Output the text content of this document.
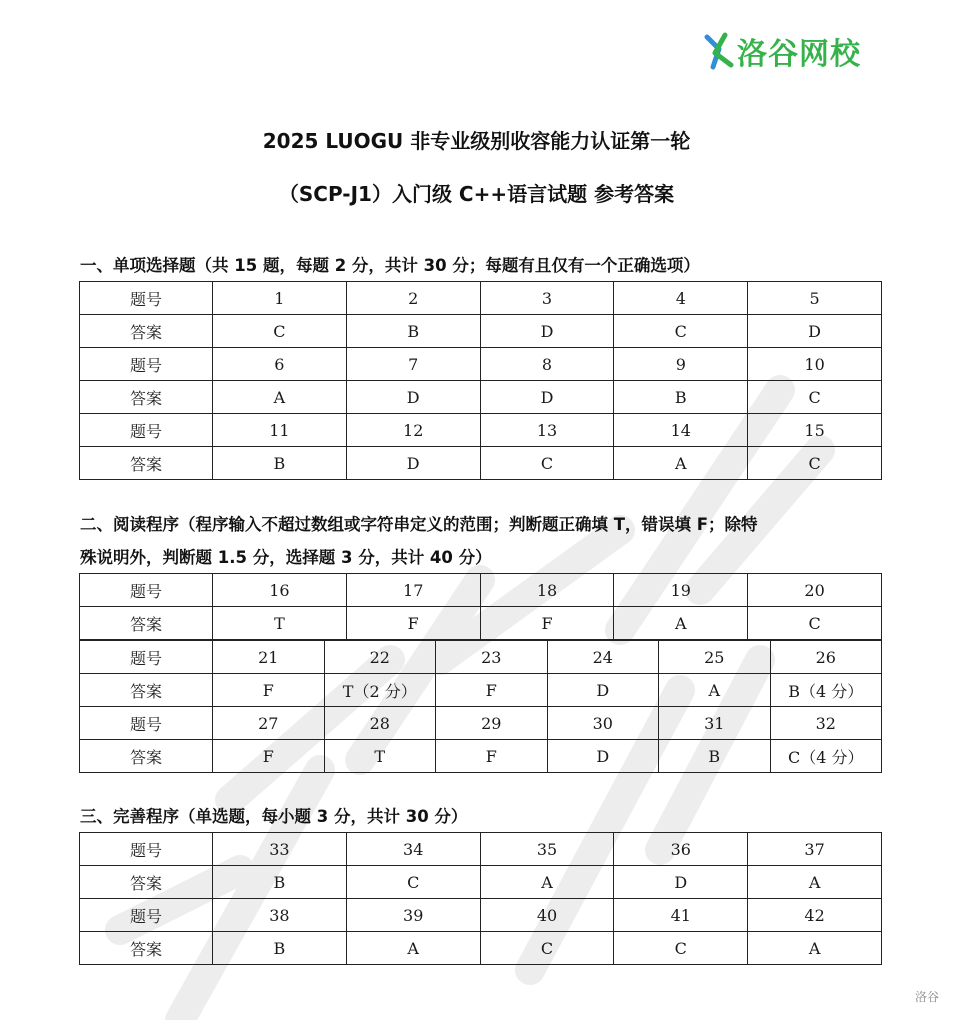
洛谷网校
2025 LUOGU 非专业级别收容能力认证第一轮
（SCP-J1）入门级 C++语言试题 参考答案
一、单项选择题（共 15 题，每题 2 分，共计 30 分；每题有且仅有一个正确选项）
题号	1	2	3	4	5
答案	C	B	D	C	D
题号	6	7	8	9	10
答案	A	D	D	B	C
题号	11	12	13	14	15
答案	B	D	C	A	C
二、阅读程序（程序输入不超过数组或字符串定义的范围；判断题正确填 T，错误填 F；除特
殊说明外，判断题 1.5 分，选择题 3 分，共计 40 分）
题号	16	17	18	19	20
答案	T	F	F	A	C
题号	21	22	23	24	25	26
答案	F	T（2 分）	F	D	A	B（4 分）
题号	27	28	29	30	31	32
答案	F	T	F	D	B	C（4 分）
三、完善程序（单选题，每小题 3 分，共计 30 分）
题号	33	34	35	36	37
答案	B	C	A	D	A
题号	38	39	40	41	42
答案	B	A	C	C	A
洛谷
